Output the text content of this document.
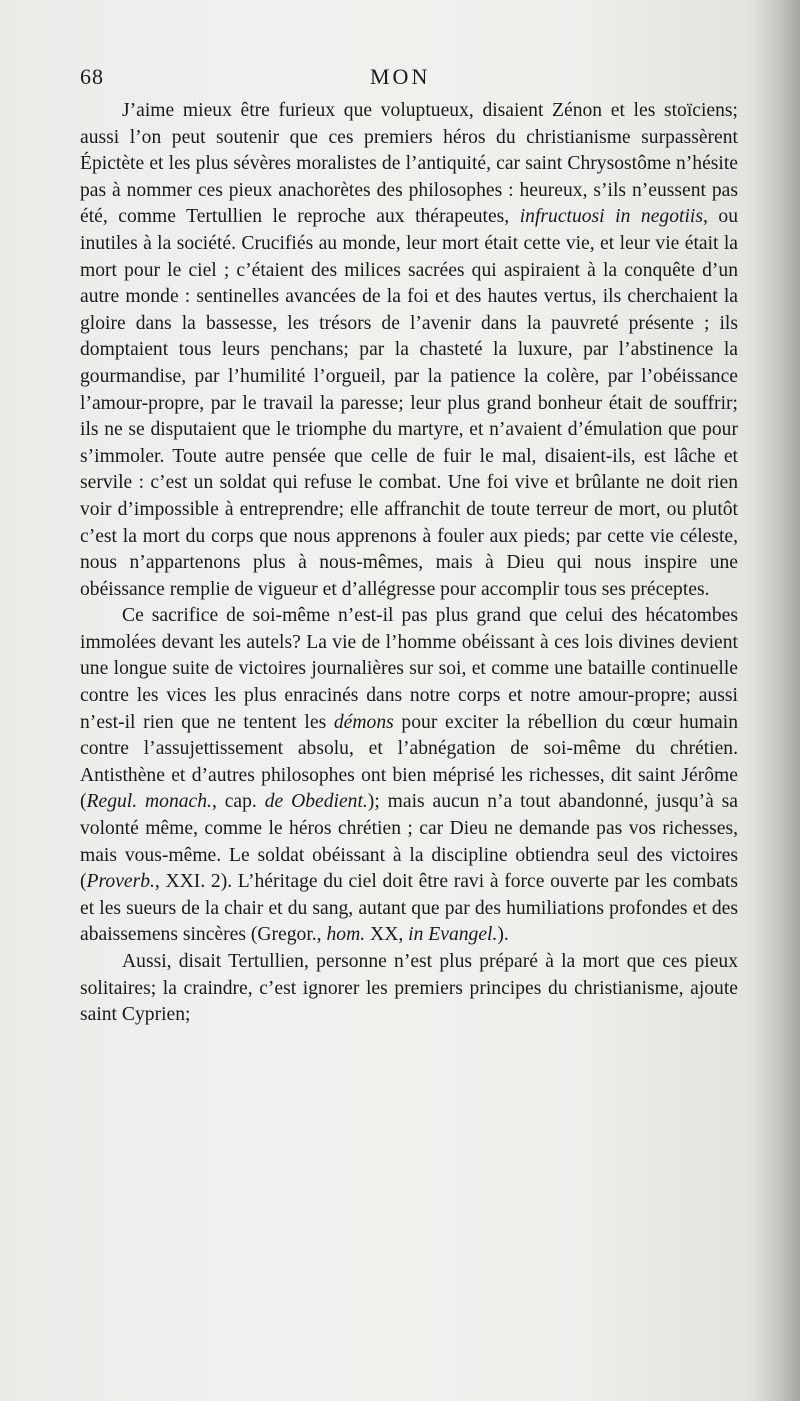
68	MON

J’aime mieux être furieux que voluptueux, disaient Zénon et les stoïciens; aussi l’on peut soutenir que ces premiers héros du christianisme surpassèrent Épictète et les plus sévères moralistes de l’antiquité, car saint Chrysostôme n’hésite pas à nommer ces pieux anachorètes des philosophes : heureux, s’ils n’eussent pas été, comme Tertullien le reproche aux thérapeutes, infructuosi in negotiis, ou inutiles à la société. Crucifiés au monde, leur mort était cette vie, et leur vie était la mort pour le ciel ; c’étaient des milices sacrées qui aspiraient à la conquête d’un autre monde : sentinelles avancées de la foi et des hautes vertus, ils cherchaient la gloire dans la bassesse, les trésors de l’avenir dans la pauvreté présente ; ils domptaient tous leurs penchans; par la chasteté la luxure, par l’abstinence la gourmandise, par l’humilité l’orgueil, par la patience la colère, par l’obéissance l’amour-propre, par le travail la paresse; leur plus grand bonheur était de souffrir; ils ne se disputaient que le triomphe du martyre, et n’avaient d’émulation que pour s’immoler. Toute autre pensée que celle de fuir le mal, disaient-ils, est lâche et servile : c’est un soldat qui refuse le combat. Une foi vive et brûlante ne doit rien voir d’impossible à entreprendre; elle affranchit de toute terreur de mort, ou plutôt c’est la mort du corps que nous apprenons à fouler aux pieds; par cette vie céleste, nous n’appartenons plus à nous-mêmes, mais à Dieu qui nous inspire une obéissance remplie de vigueur et d’allégresse pour accomplir tous ses préceptes.

Ce sacrifice de soi-même n’est-il pas plus grand que celui des hécatombes immolées devant les autels? La vie de l’homme obéissant à ces lois divines devient une longue suite de victoires journalières sur soi, et comme une bataille continuelle contre les vices les plus enracinés dans notre corps et notre amour-propre; aussi n’est-il rien que ne tentent les démons pour exciter la rébellion du cœur humain contre l’assujettissement absolu, et l’abnégation de soi-même du chrétien. Antisthène et d’autres philosophes ont bien méprisé les richesses, dit saint Jérôme (Regul. monach., cap. de Obedient.); mais aucun n’a tout abandonné, jusqu’à sa volonté même, comme le héros chrétien ; car Dieu ne demande pas vos richesses, mais vous-même. Le soldat obéissant à la discipline obtiendra seul des victoires (Proverb., XXI. 2). L’héritage du ciel doit être ravi à force ouverte par les combats et les sueurs de la chair et du sang, autant que par des humiliations profondes et des abaissemens sincères (Gregor., hom. XX, in Evangel.).

Aussi, disait Tertullien, personne n’est plus préparé à la mort que ces pieux solitaires; la craindre, c’est ignorer les premiers principes du christianisme, ajoute saint Cyprien;
